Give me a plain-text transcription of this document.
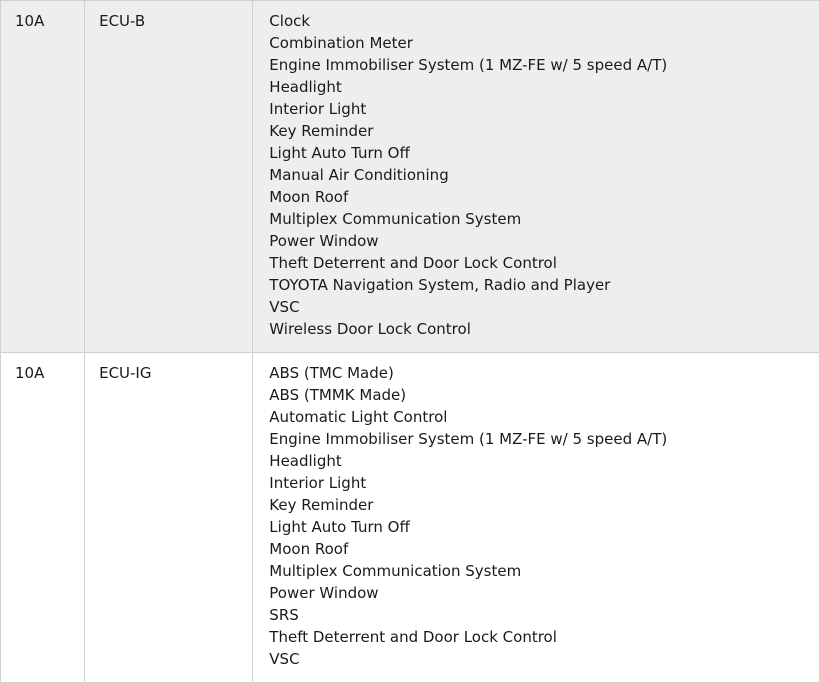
10A	ECU-B	Clock
Combination Meter
Engine Immobiliser System (1 MZ-FE w/ 5 speed A/T)
Headlight
Interior Light
Key Reminder
Light Auto Turn Off
Manual Air Conditioning
Moon Roof
Multiplex Communication System
Power Window
Theft Deterrent and Door Lock Control
TOYOTA Navigation System, Radio and Player
VSC
Wireless Door Lock Control

10A	ECU-IG	ABS (TMC Made)
ABS (TMMK Made)
Automatic Light Control
Engine Immobiliser System (1 MZ-FE w/ 5 speed A/T)
Headlight
Interior Light
Key Reminder
Light Auto Turn Off
Moon Roof
Multiplex Communication System
Power Window
SRS
Theft Deterrent and Door Lock Control
VSC
